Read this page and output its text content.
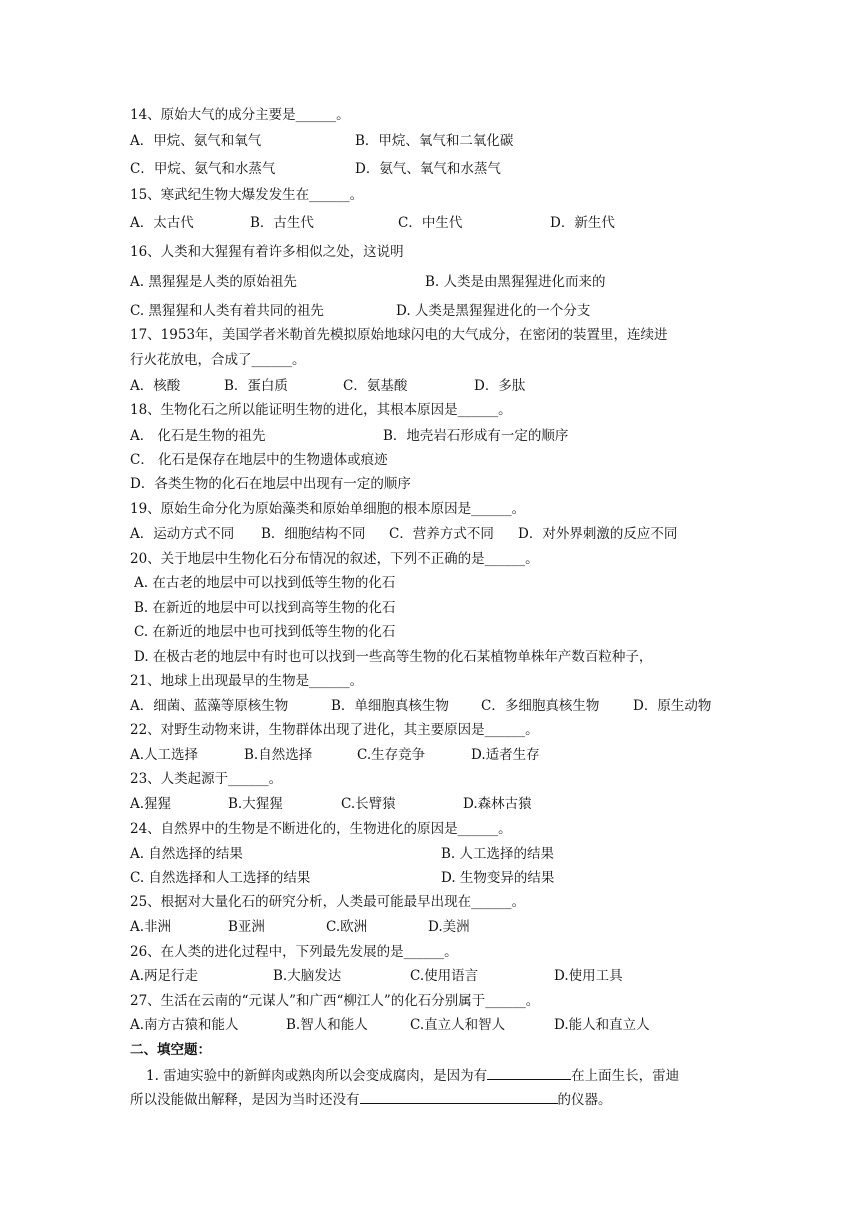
14、原始大气的成分主要是______。
A．甲烷、氨气和氧气	B．甲烷、氧气和二氧化碳
C．甲烷、氨气和水蒸气	D．氨气、氧气和水蒸气
15、寒武纪生物大爆发发生在______。
A．太古代	B．古生代	C．中生代	D．新生代
16、人类和大猩猩有着许多相似之处，这说明
A. 黑猩猩是人类的原始祖先	B. 人类是由黑猩猩进化而来的
C. 黑猩猩和人类有着共同的祖先	D. 人类是黑猩猩进化的一个分支
17、1953年，美国学者米勒首先模拟原始地球闪电的大气成分，在密闭的装置里，连续进
行火花放电，合成了______。
A．核酸	B．蛋白质	C．氨基酸	D．多肽
18、生物化石之所以能证明生物的进化，其根本原因是______。
A． 化石是生物的祖先	B．地壳岩石形成有一定的顺序
C． 化石是保存在地层中的生物遗体或痕迹
D．各类生物的化石在地层中出现有一定的顺序
19、原始生命分化为原始藻类和原始单细胞的根本原因是______。
A．运动方式不同 B．细胞结构不同 C．营养方式不同 D．对外界刺激的反应不同
20、关于地层中生物化石分布情况的叙述，下列不正确的是______。
A. 在古老的地层中可以找到低等生物的化石
B. 在新近的地层中可以找到高等生物的化石
C. 在新近的地层中也可找到低等生物的化石
D. 在极古老的地层中有时也可以找到一些高等生物的化石某植物单株年产数百粒种子，
21、地球上出现最早的生物是______。
A．细菌、蓝藻等原核生物	B．单细胞真核生物 C．多细胞真核生物 D．原生动物
22、对野生动物来讲，生物群体出现了进化，其主要原因是______。
A.人工选择	B.自然选择	C.生存竞争	D.适者生存
23、人类起源于______。
A.猩猩	B.大猩猩	C.长臂猿	D.森林古猿
24、自然界中的生物是不断进化的，生物进化的原因是______。
A. 自然选择的结果	B. 人工选择的结果
C. 自然选择和人工选择的结果	D. 生物变异的结果
25、根据对大量化石的研究分析，人类最可能最早出现在______。
A.非洲	B亚洲	C.欧洲	D.美洲
26、在人类的进化过程中，下列最先发展的是______。
A.两足行走	B.大脑发达	C.使用语言	D.使用工具
27、生活在云南的“元谋人”和广西“柳江人”的化石分别属于______。
A.南方古猿和能人	B.智人和能人	C.直立人和智人	D.能人和直立人
二、填空题：
1. 雷迪实验中的新鲜肉或熟肉所以会变成腐肉，是因为有	在上面生长，雷迪
所以没能做出解释，是因为当时还没有	的仪器。
